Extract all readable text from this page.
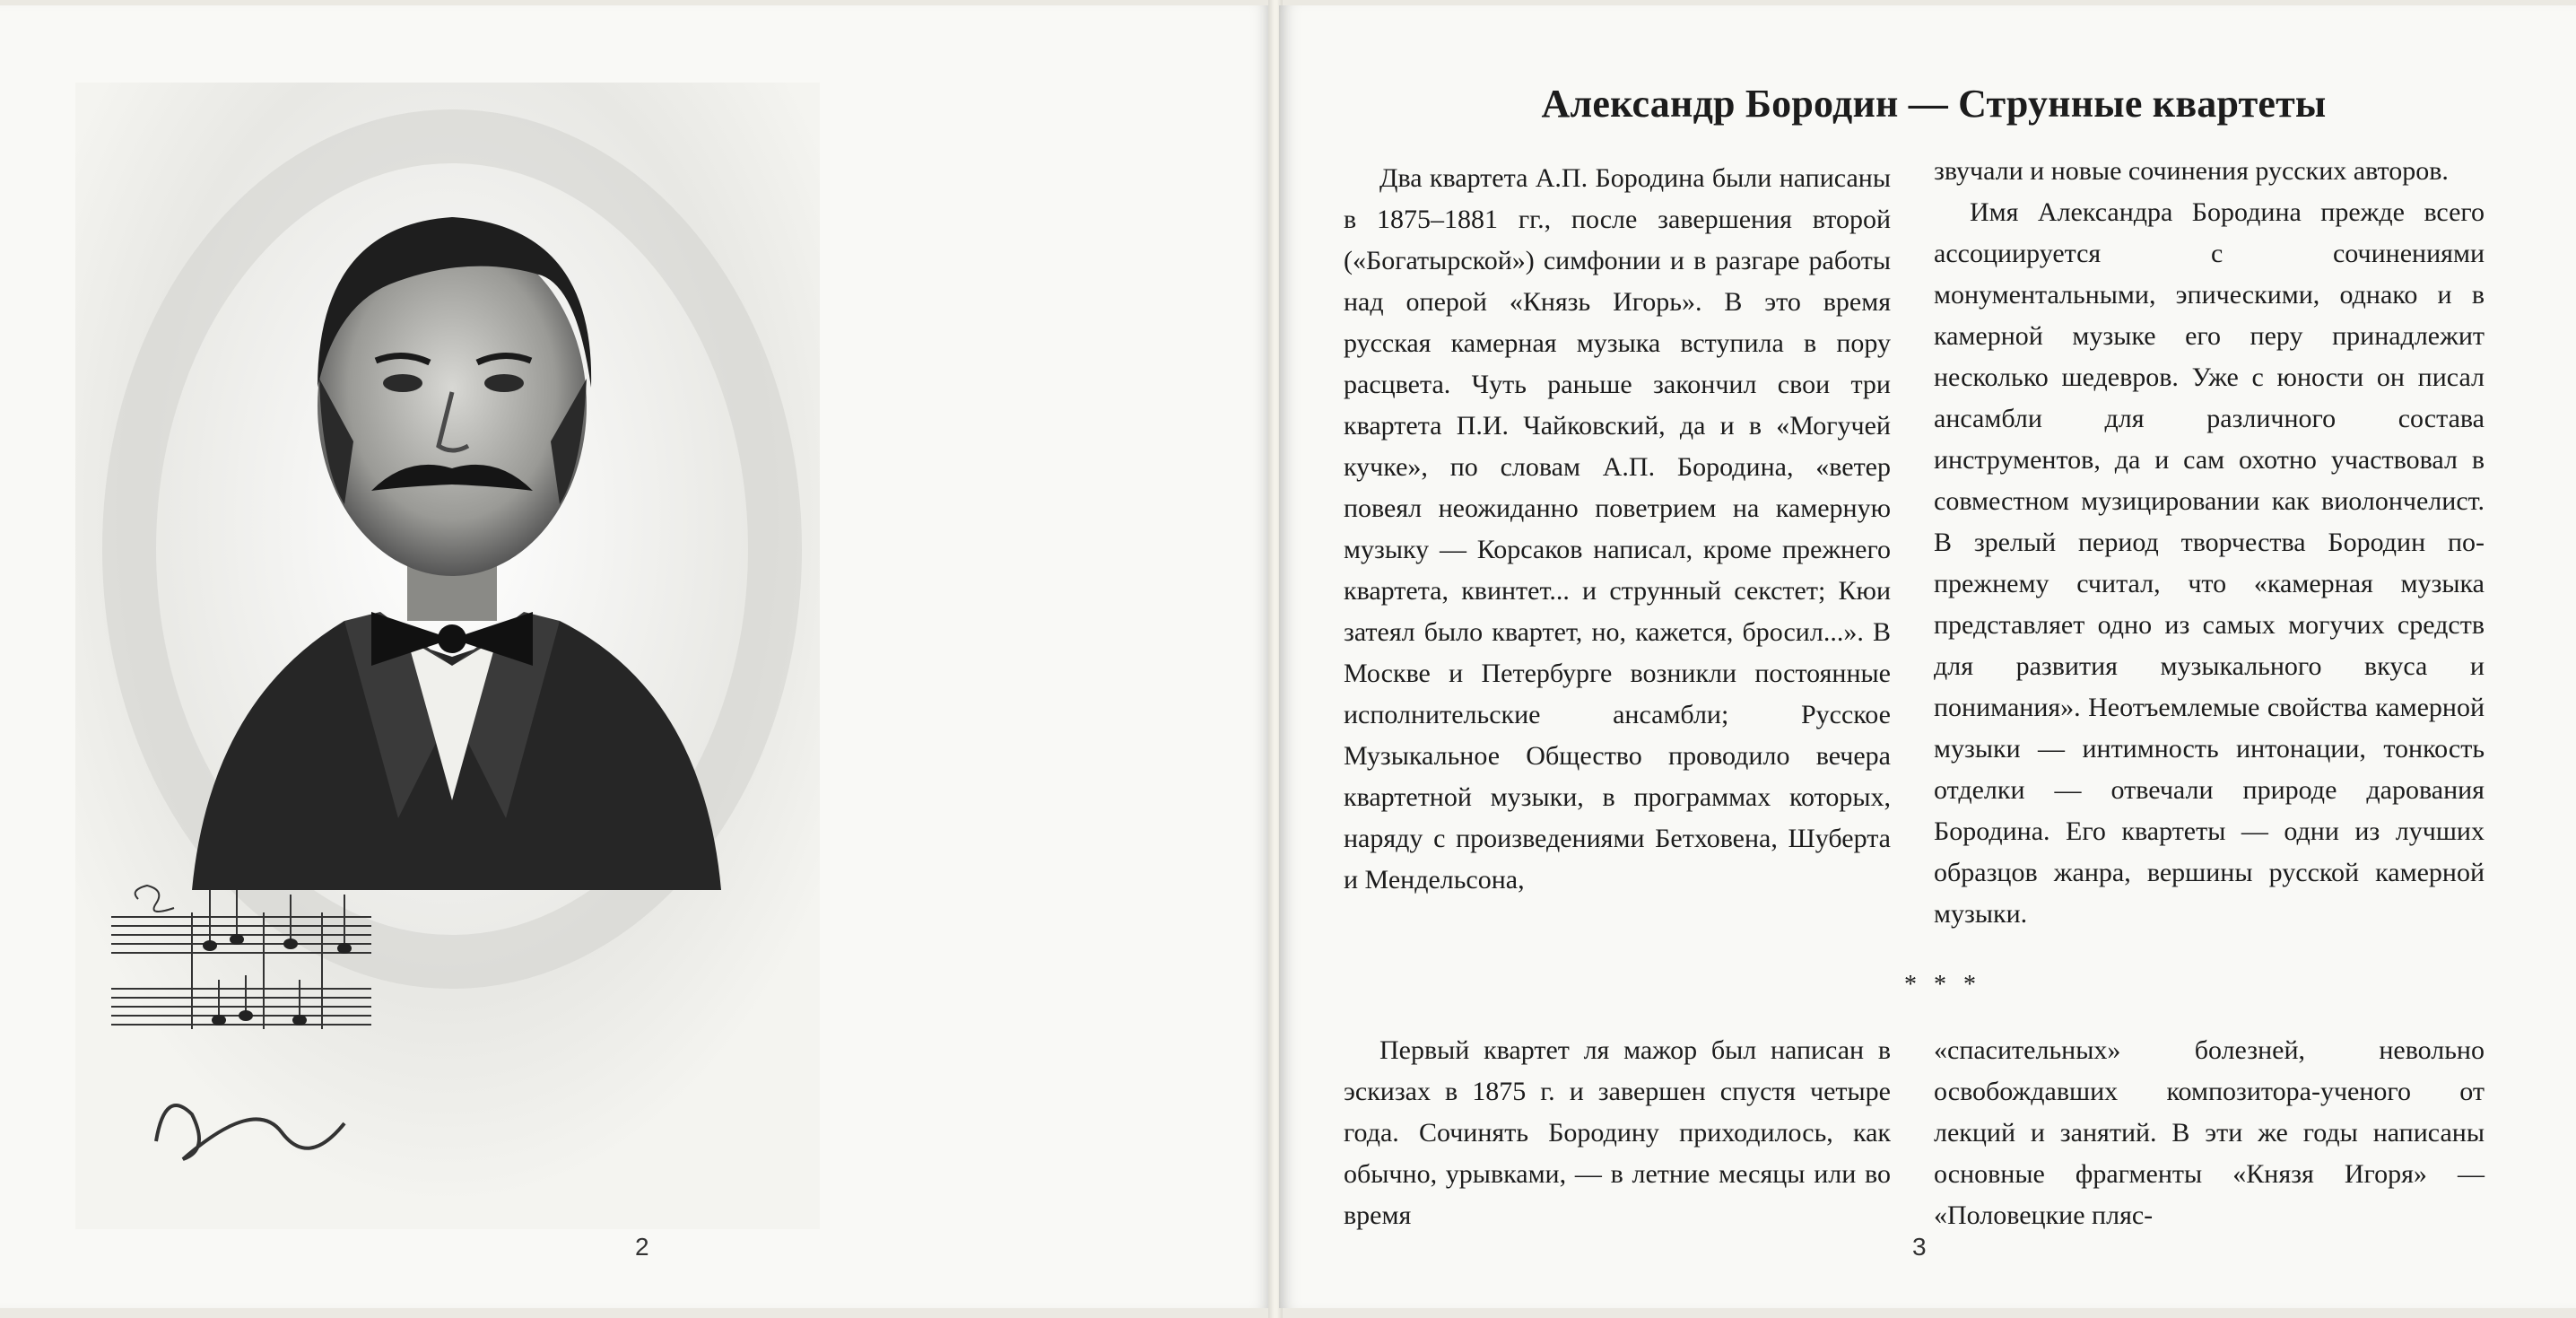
2
Александр Бородин — Струнные квартеты

Два квартета А.П. Бородина были написаны в 1875–1881 гг., после завершения второй («Богатырской») симфонии и в разгаре работы над оперой «Князь Игорь». В это время русская камерная музыка вступила в пору расцвета. Чуть раньше закончил свои три квартета П.И. Чайковский, да и в «Могучей кучке», по словам А.П. Бородина, «ветер повеял неожиданно поветрием на камерную музыку — Корсаков написал, кроме прежнего квартета, квинтет... и струнный секстет; Кюи затеял было квартет, но, кажется, бросил...». В Москве и Петербурге возникли постоянные исполнительские ансамбли; Русское Музыкальное Общество проводило вечера квартетной музыки, в программах которых, наряду с произведениями Бетховена, Шуберта и Мендельсона,

звучали и новые сочинения русских авторов.

Имя Александра Бородина прежде всего ассоциируется с сочинениями монументальными, эпическими, однако и в камерной музыке его перу принадлежит несколько шедевров. Уже с юности он писал ансамбли для различного состава инструментов, да и сам охотно участвовал в совместном музицировании как виолончелист. В зрелый период творчества Бородин по-прежнему считал, что «камерная музыка представляет одно из самых могучих средств для развития музыкального вкуса и понимания». Неотъемлемые свойства камерной музыки — интимность интонации, тонкость отделки — отвечали природе дарования Бородина. Его квартеты — одни из лучших образцов жанра, вершины русской камерной музыки.

* * *

Первый квартет ля мажор был написан в эскизах в 1875 г. и завершен спустя четыре года. Сочинять Бородину приходилось, как обычно, урывками, — в летние месяцы или во время

«спасительных» болезней, невольно освобождавших композитора-ученого от лекций и занятий. В эти же годы написаны основные фрагменты «Князя Игоря» — «Половецкие пляс-

3
